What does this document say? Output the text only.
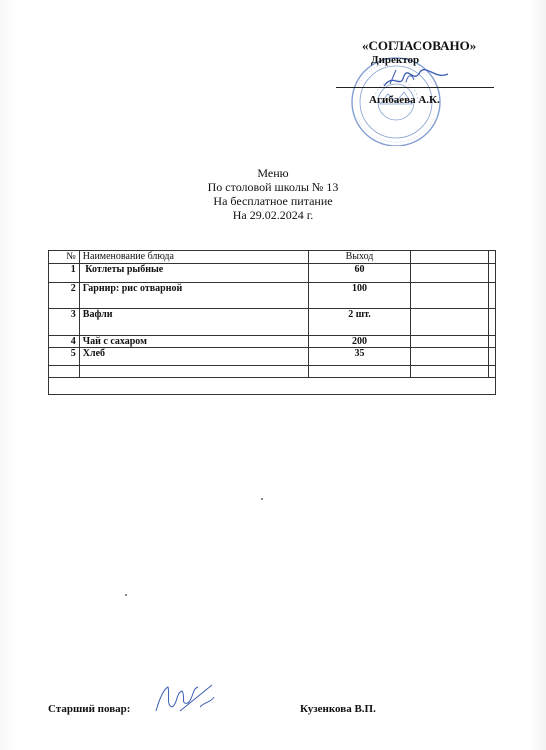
«СОГЛАСОВАНО»
Директор
Агибаева А.К.
Меню
По столовой школы № 13
На бесплатное питание
На 29.02.2024 г.
№	Наименование блюда	Выход		
1	Котлеты рыбные	60		
2	Гарнир: рис отварной	100		
3	Вафли	2 шт.		
4	Чай с сахаром	200		
5	Хлеб	35		

Старший повар:	Кузенкова В.П.
